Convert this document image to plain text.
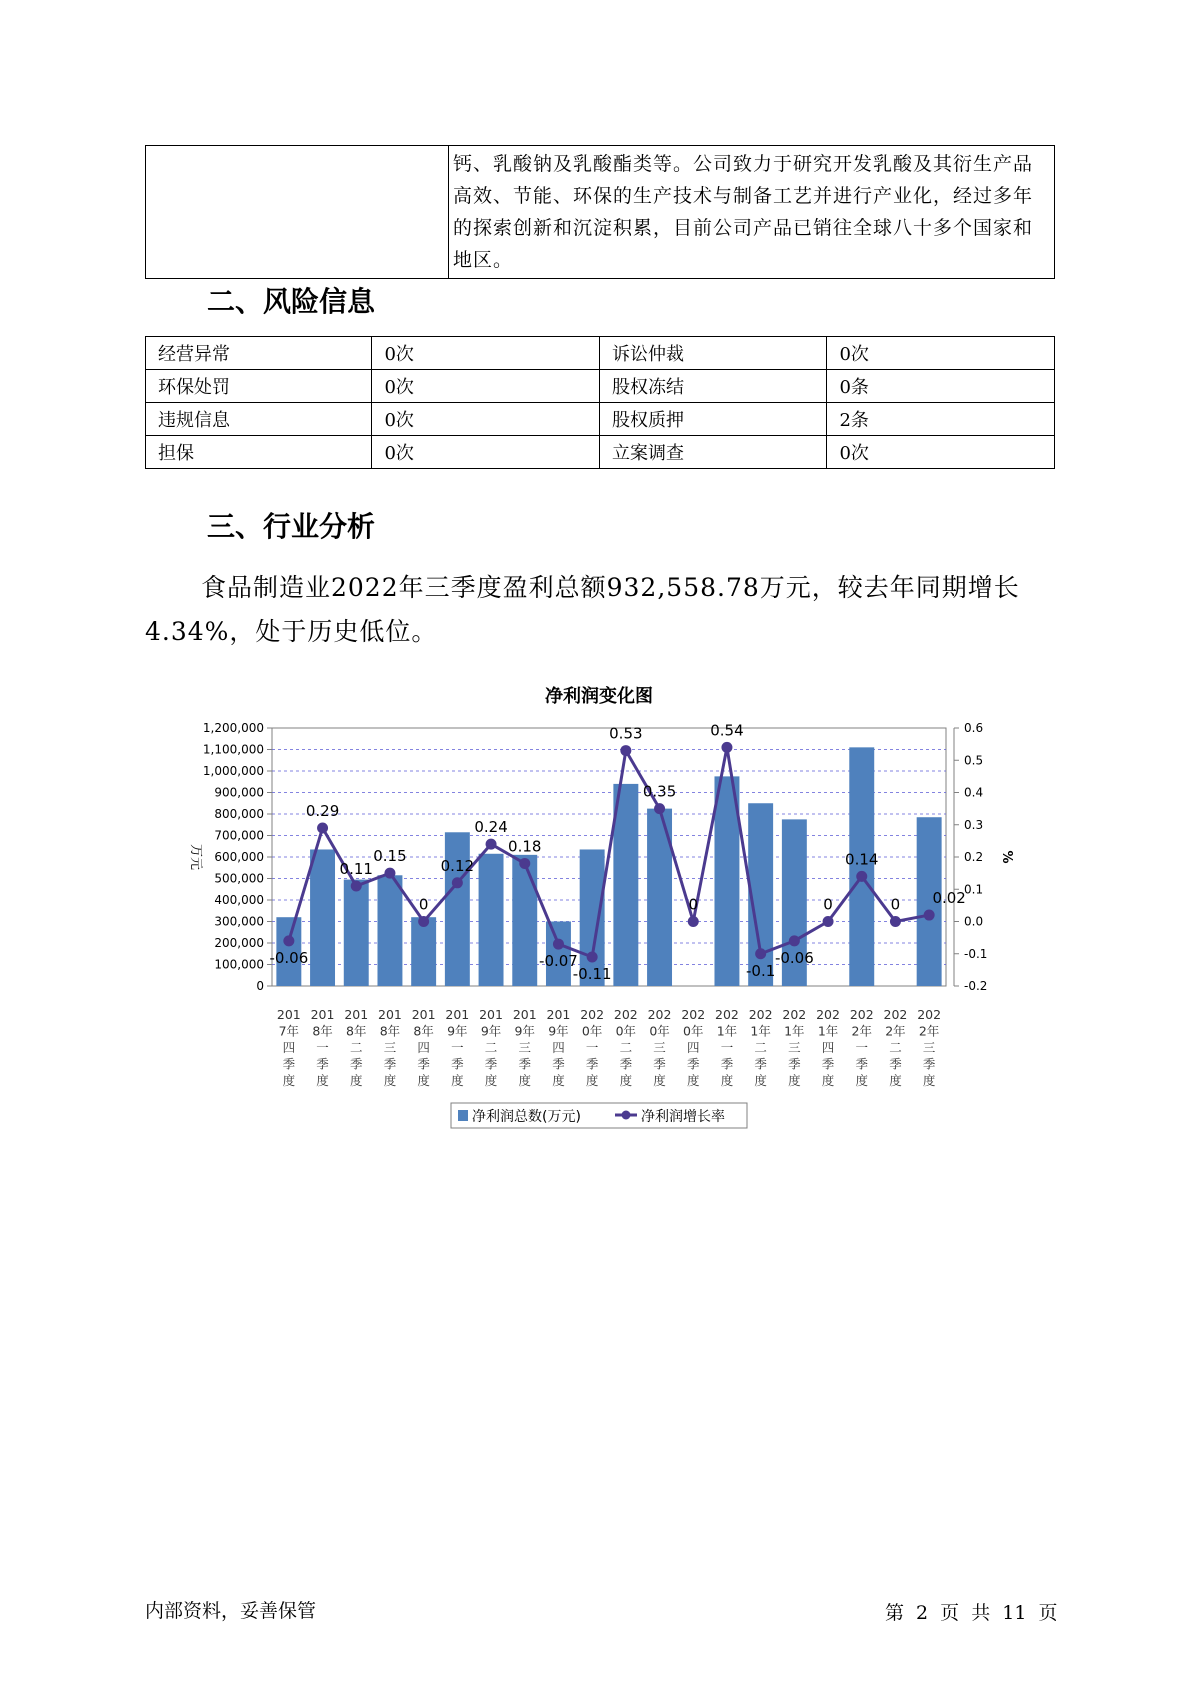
	钙、乳酸钠及乳酸酯类等。公司致力于研究开发乳酸及其衍生产品高效、节能、环保的生产技术与制备工艺并进行产业化，经过多年的探索创新和沉淀积累，目前公司产品已销往全球八十多个国家和地区。
二、风险信息
经营异常	0次	诉讼仲裁	0次
环保处罚	0次	股权冻结	0条
违规信息	0次	股权质押	2条
担保	0次	立案调查	0次
三、行业分析
食品制造业2022年三季度盈利总额932,558.78万元，较去年同期增长4.34%，处于历史低位。
0
100,000
200,000
300,000
400,000
500,000
600,000
700,000
800,000
900,000
1,000,000
1,100,000
1,200,000
-0.2
-0.1
0.0
0.1
0.2
0.3
0.4
0.5
0.6
万元	%
净利润变化图
-0.06
0.29
0.11
0.15
0
0.12
0.24
0.18
-0.07
-0.11
0.53
0.35
0
0.54
-0.1
-0.06
0
0.14
0 0.02
201
7年
四
季
度
201
8年
一
季
度
201
8年
二
季
度
201
8年
三
季
度
201
8年
四
季
度
201
9年
一
季
度
201
9年
二
季
度
201
9年
三
季
度
201
9年
四
季
度
202
0年
一
季
度
202
0年
二
季
度
202
0年
三
季
度
202
0年
四
季
度
202
1年
一
季
度
202
1年
二
季
度
202
1年
三
季
度
202
1年
四
季
度
202
2年
一
季
度
202
2年
二
季
度
202
2年
三
季
度
净利润总数(万元)	净利润增长率
内部资料，妥善保管	第 2 页 共 11 页
